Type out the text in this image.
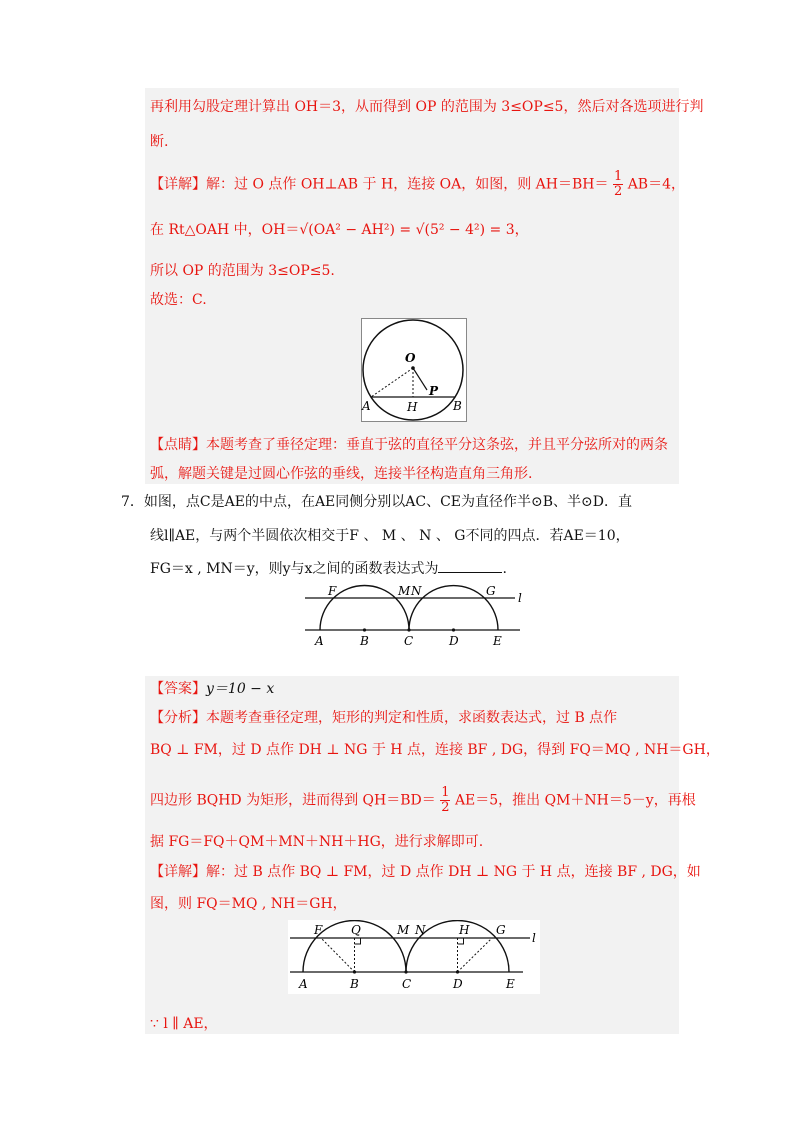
再利用勾股定理计算出 OH＝3，从而得到 OP 的范围为 3≤OP≤5，然后对各选项进行判
断.
【详解】解：过 O 点作 OH⊥AB 于 H，连接 OA，如图，则 $AH=BH= \frac{1}{2} AB=4$，
在 Rt△OAH 中，OH＝√(OA² − AH²) = √(5² − 4²) = 3，
所以 OP 的范围为 3≤OP≤5.
故选：C.
O
P
A	H	B
【点睛】本题考查了垂径定理：垂直于弦的直径平分这条弦，并且平分弦所对的两条
弧，解题关键是过圆心作弦的垂线，连接半径构造直角三角形.
7．如图，点C是AE的中点，在AE同侧分别以AC、CE为直径作半⊙B、半⊙D．直
线l∥AE，与两个半圆依次相交于F 、 M 、 N 、 G不同的四点．若AE＝10，
FG＝x , MN＝y，则y与x之间的函数表达式为	.
F	M N	G l
A	B	C	D	E
【答案】y＝10 − x
【分析】本题考查垂径定理，矩形的判定和性质，求函数表达式，过 B 点作
BQ ⊥ FM，过 D 点作 DH ⊥ NG 于 H 点，连接 BF , DG，得到 FQ＝MQ , NH＝GH，
四边形 BQHD 为矩形，进而得到 $QH=BD= \frac{1}{2} AE=5$，推出 QM＋NH＝5－y，再根
据 FG＝FQ＋QM＋MN＋NH＋HG，进行求解即可.
【详解】解：过 B 点作 BQ ⊥ FM，过 D 点作 DH ⊥ NG 于 H 点，连接 BF , DG，如
图，则 FQ＝MQ , NH＝GH，
F Q	M N	H G
l
A	B	C	D	E
∵ l ∥ AE，
